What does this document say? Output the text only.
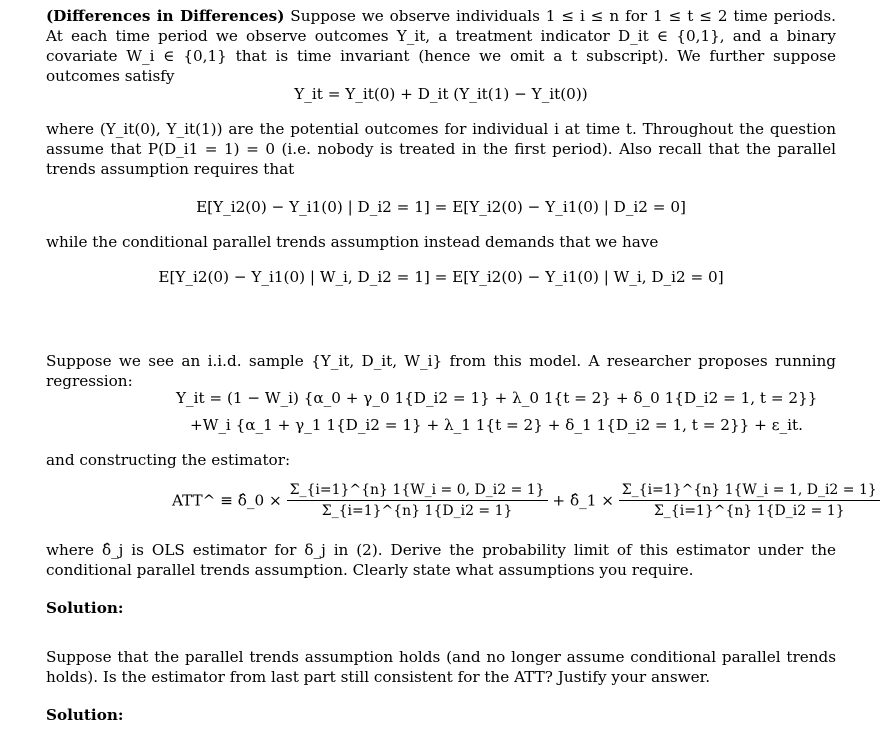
(Differences in Differences) Suppose we observe individuals 1 ≤ i ≤ n for 1 ≤ t ≤ 2 time periods. At each time period we observe outcomes Y_it, a treatment indicator D_it ∈ {0,1}, and a binary covariate W_i ∈ {0,1} that is time invariant (hence we omit a t subscript). We further suppose outcomes satisfy

Y_it = Y_it(0) + D_it (Y_it(1) − Y_it(0))

where (Y_it(0), Y_it(1)) are the potential outcomes for individual i at time t. Throughout the question assume that P(D_i1 = 1) = 0 (i.e. nobody is treated in the first period). Also recall that the parallel trends assumption requires that

E[Y_i2(0) − Y_i1(0) | D_i2 = 1] = E[Y_i2(0) − Y_i1(0) | D_i2 = 0]

while the conditional parallel trends assumption instead demands that we have

E[Y_i2(0) − Y_i1(0) | W_i, D_i2 = 1] = E[Y_i2(0) − Y_i1(0) | W_i, D_i2 = 0]

Suppose we see an i.i.d. sample {Y_it, D_it, W_i} from this model. A researcher proposes running regression:

Y_it = (1 − W_i) {α_0 + γ_0 1{D_i2 = 1} + λ_0 1{t = 2} + δ_0 1{D_i2 = 1, t = 2}}
+W_i {α_1 + γ_1 1{D_i2 = 1} + λ_1 1{t = 2} + δ_1 1{D_i2 = 1, t = 2}} + ε_it.

and constructing the estimator:

ATT^ ≡ δ̂_0 × $\frac{\Sigma\_\{i=1\}\^{}\{n\} 1\{W\_i = 0, D\_i2 = 1\}}{\Sigma\_\{i=1\}\^{}\{n\} 1\{D\_i2 = 1\}}$ + δ̂_1 × $\frac{\Sigma\_\{i=1\}\^{}\{n\} 1\{W\_i = 1, D\_i2 = 1\}}{\Sigma\_\{i=1\}\^{}\{n\} 1\{D\_i2 = 1\}}$

where δ̂_j is OLS estimator for δ_j in (2). Derive the probability limit of this estimator under the conditional parallel trends assumption. Clearly state what assumptions you require.

Solution:

Suppose that the parallel trends assumption holds (and no longer assume conditional parallel trends holds). Is the estimator from last part still consistent for the ATT? Justify your answer.

Solution:
